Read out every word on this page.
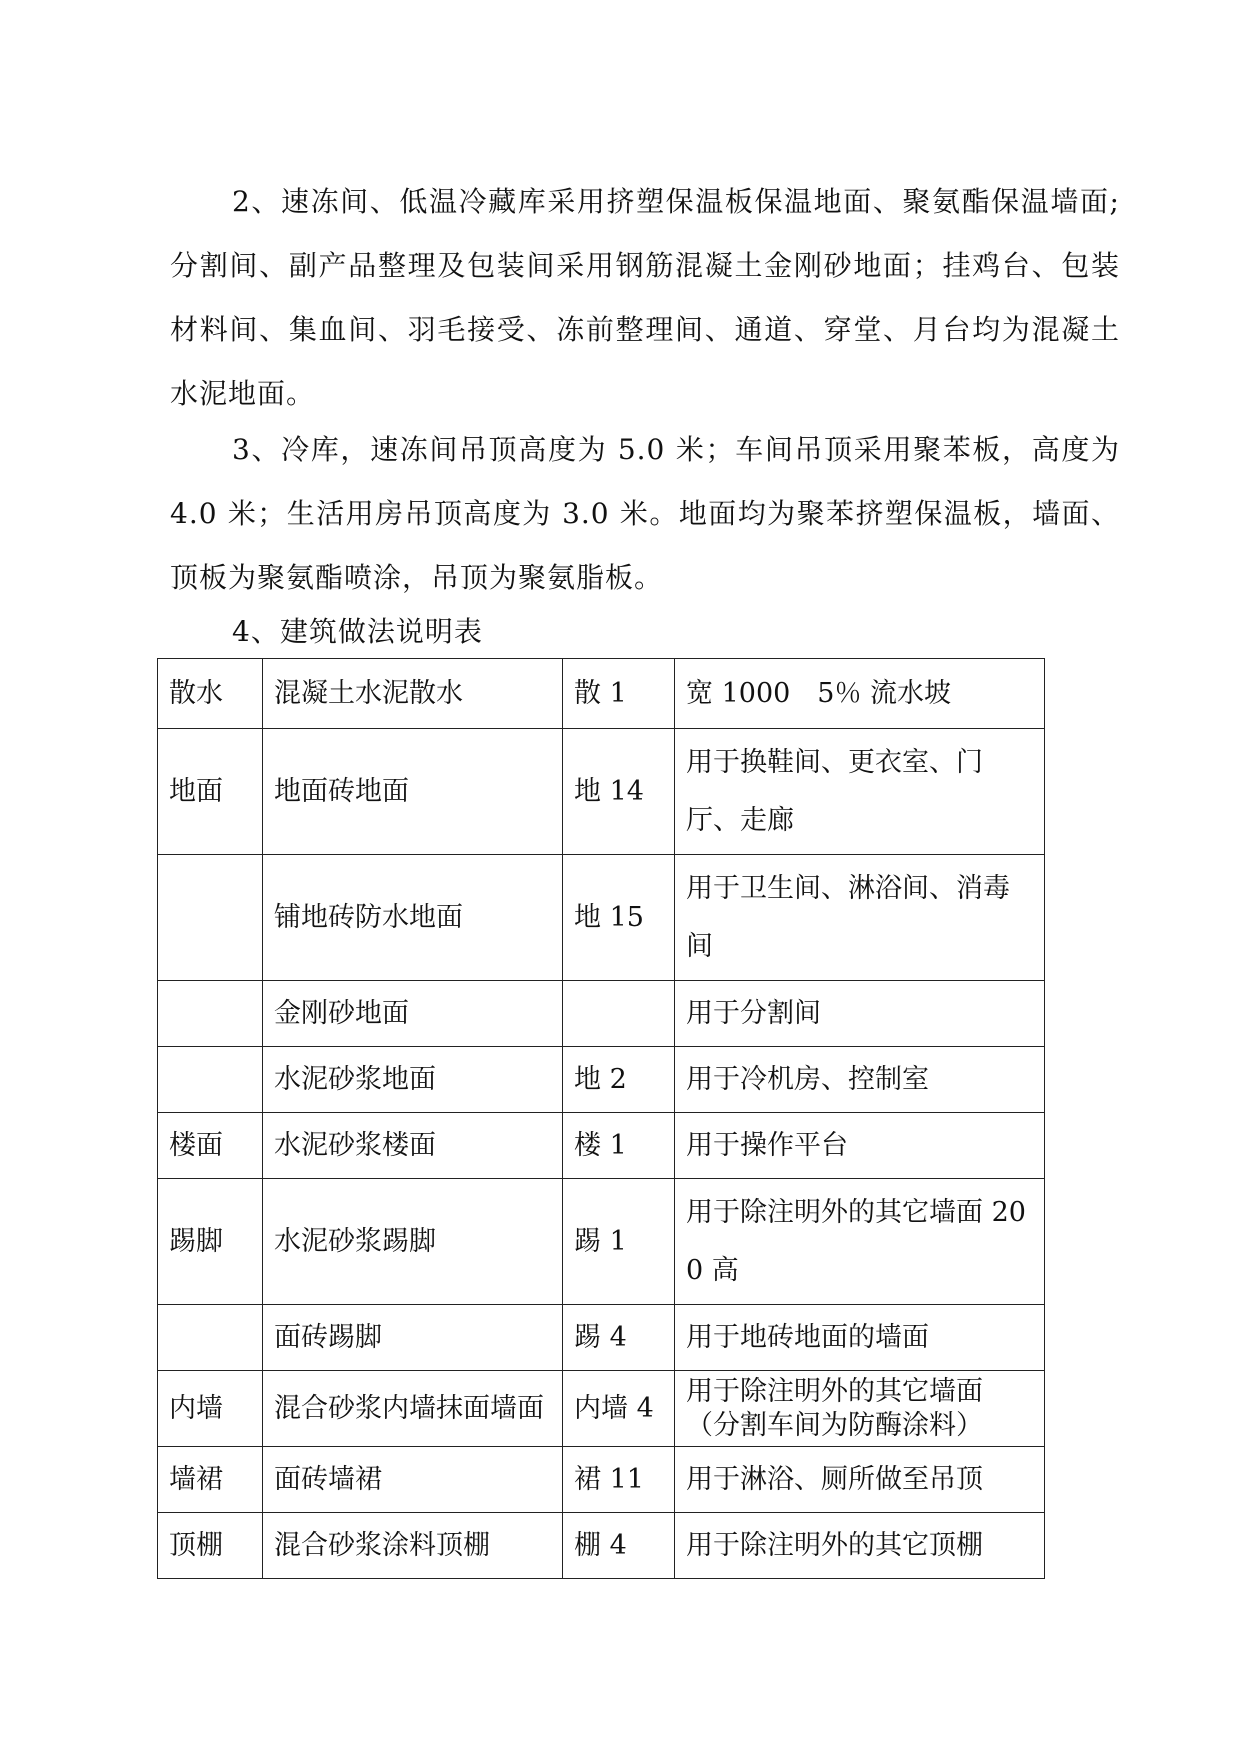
2、速冻间、低温冷藏库采用挤塑保温板保温地面、聚氨酯保温墙面;分割间、副产品整理及包装间采用钢筋混凝土金刚砂地面；挂鸡台、包装材料间、集血间、羽毛接受、冻前整理间、通道、穿堂、月台均为混凝土水泥地面。

3、冷库，速冻间吊顶高度为 5.0 米；车间吊顶采用聚苯板，高度为 4.0 米；生活用房吊顶高度为 3.0 米。地面均为聚苯挤塑保温板，墙面、顶板为聚氨酯喷涂，吊顶为聚氨脂板。

4、建筑做法说明表

散水	混凝土水泥散水	散 1	宽 1000　5％ 流水坡
地面	地面砖地面	地 14	用于换鞋间、更衣室、门厅、走廊
	铺地砖防水地面	地 15	用于卫生间、淋浴间、消毒间
	金刚砂地面		用于分割间
	水泥砂浆地面	地 2	用于冷机房、控制室
楼面	水泥砂浆楼面	楼 1	用于操作平台
踢脚	水泥砂浆踢脚	踢 1	用于除注明外的其它墙面 200 高
	面砖踢脚	踢 4	用于地砖地面的墙面
内墙	混合砂浆内墙抹面墙面	内墙 4	用于除注明外的其它墙面（分割车间为防酶涂料）
墙裙	面砖墙裙	裙 11	用于淋浴、厕所做至吊顶
顶棚	混合砂浆涂料顶棚	棚 4	用于除注明外的其它顶棚
